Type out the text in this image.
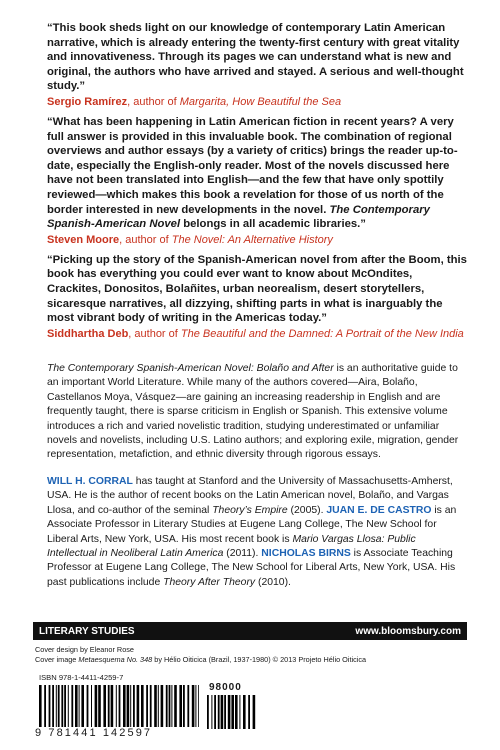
“This book sheds light on our knowledge of contemporary Latin American narrative, which is already entering the twenty-first century with great vitality and innovativeness. Through its pages we can understand what is new and original, the authors who have arrived and stayed. A serious and well-thought study.”

Sergio Ramírez, author of Margarita, How Beautiful the Sea

“What has been happening in Latin American fiction in recent years? A very full answer is provided in this invaluable book. The combination of regional overviews and author essays (by a variety of critics) brings the reader up-to-date, especially the English-only reader. Most of the novels discussed here have not been translated into English—and the few that have only spottily reviewed—which makes this book a revelation for those of us north of the border interested in new developments in the novel. The Contemporary Spanish-American Novel belongs in all academic libraries.”

Steven Moore, author of The Novel: An Alternative History

“Picking up the story of the Spanish-American novel from after the Boom, this book has everything you could ever want to know about McOndites, Crackites, Donositos, Bolañites, urban neorealism, desert storytellers, sicaresque narratives, all dizzying, shifting parts in what is inarguably the most vibrant body of writing in the Americas today.”

Siddhartha Deb, author of The Beautiful and the Damned: A Portrait of the New India

The Contemporary Spanish-American Novel: Bolaño and After is an authoritative guide to an important World Literature. While many of the authors covered—Aira, Bolaño, Castellanos Moya, Vásquez—are gaining an increasing readership in English and are frequently taught, there is sparse criticism in English or Spanish. This extensive volume introduces a rich and varied novelistic tradition, studying underestimated or unfamiliar novels and novelists, including U.S. Latino authors; and exploring exile, migration, gender representation, metafiction, and ethnic diversity through rigorous essays.

WILL H. CORRAL has taught at Stanford and the University of Massachusetts-Amherst, USA. He is the author of recent books on the Latin American novel, Bolaño, and Vargas Llosa, and co-author of the seminal Theory’s Empire (2005). JUAN E. DE CASTRO is an Associate Professor in Literary Studies at Eugene Lang College, The New School for Liberal Arts, New York, USA. His most recent book is Mario Vargas Llosa: Public Intellectual in Neoliberal Latin America (2011). NICHOLAS BIRNS is Associate Teaching Professor at Eugene Lang College, The New School for Liberal Arts, New York, USA. His past publications include Theory After Theory (2010).

LITERARY STUDIES	www.bloomsbury.com
Cover design by Eleanor Rose
Cover image Metaesquema No. 348 by Hélio Oiticica (Brazil, 1937-1980) © 2013 Projeto Hélio Oiticica
ISBN 978-1-4411-4259-7
98000
9 781441 142597
